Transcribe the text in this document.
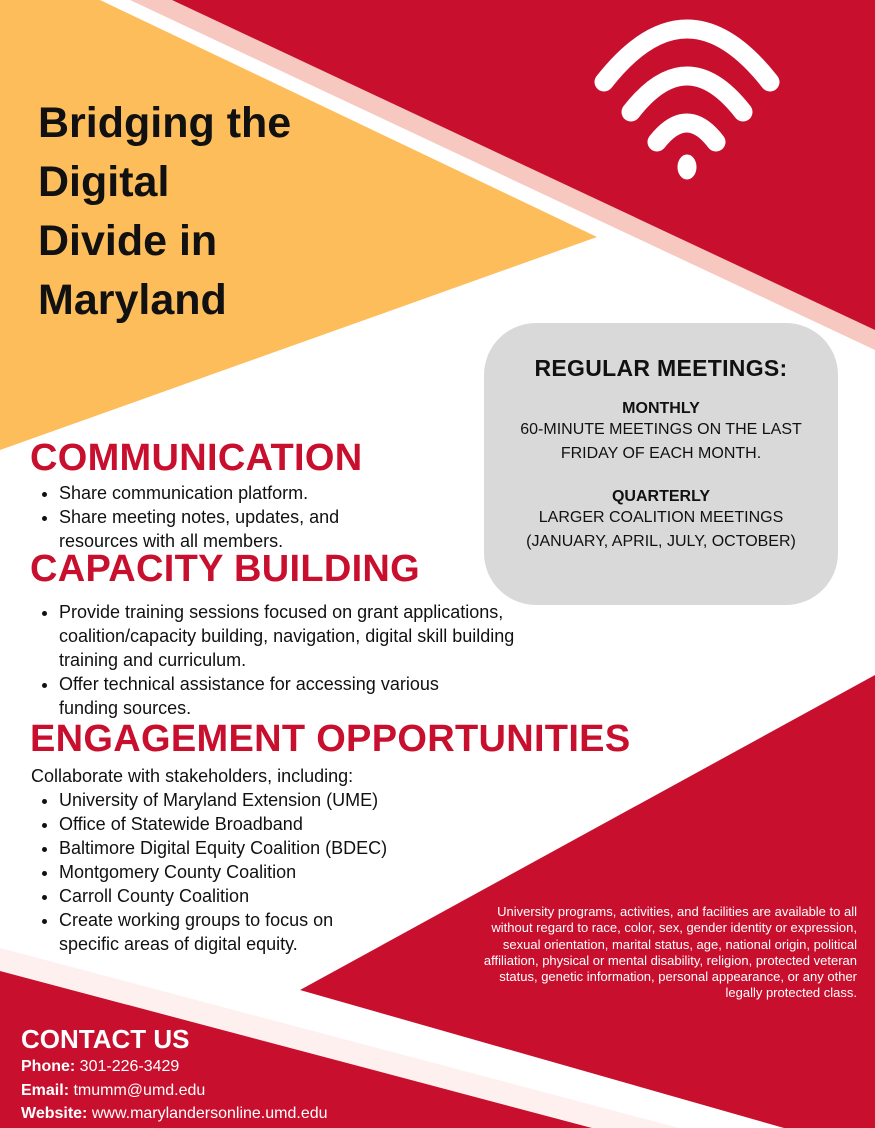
Bridging the Digital Divide in Maryland
COMMUNICATION
• Share communication platform.
• Share meeting notes, updates, and resources with all members.
CAPACITY BUILDING
• Provide training sessions focused on grant applications, coalition/capacity building, navigation, digital skill building training and curriculum.
• Offer technical assistance for accessing various funding sources.
ENGAGEMENT OPPORTUNITIES
Collaborate with stakeholders, including:
• University of Maryland Extension (UME)
• Office of Statewide Broadband
• Baltimore Digital Equity Coalition (BDEC)
• Montgomery County Coalition
• Carroll County Coalition
• Create working groups to focus on specific areas of digital equity.
REGULAR MEETINGS:
MONTHLY
60-MINUTE MEETINGS ON THE LAST FRIDAY OF EACH MONTH.
QUARTERLY
LARGER COALITION MEETINGS
(JANUARY, APRIL, JULY, OCTOBER)
University programs, activities, and facilities are available to all without regard to race, color, sex, gender identity or expression, sexual orientation, marital status, age, national origin, political affiliation, physical or mental disability, religion, protected veteran status, genetic information, personal appearance, or any other legally protected class.
CONTACT US
Phone: 301-226-3429
Email: tmumm@umd.edu
Website: www.marylandersonline.umd.edu
